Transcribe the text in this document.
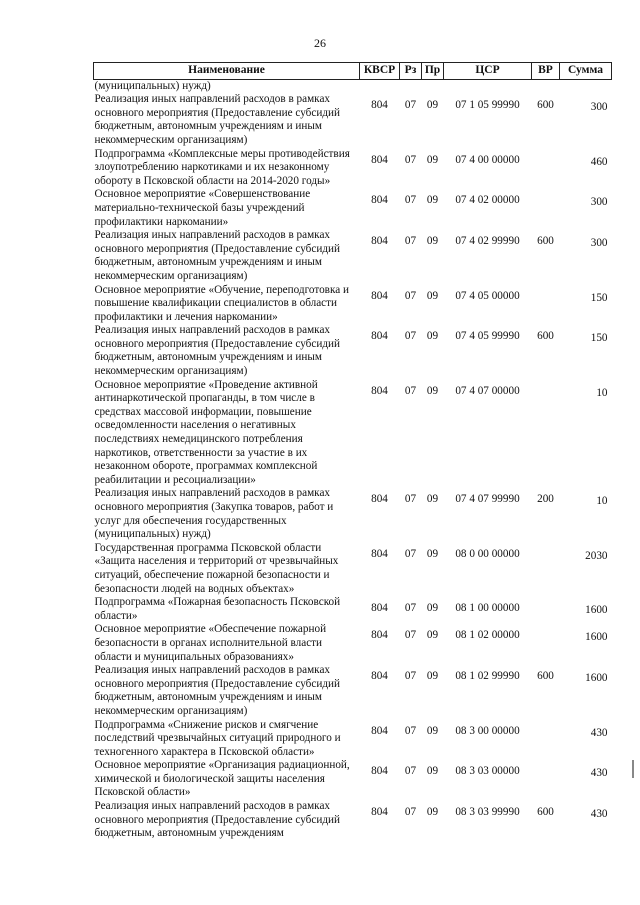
26
Наименование	КВСР	Рз	Пр	ЦСР	ВР	Сумма
(муниципальных) нужд)						
Реализация иных направлений расходов в рамках основного мероприятия (Предоставление субсидий бюджетным, автономным учреждениям и иным некоммерческим организациям)	804	07	09	07 1 05 99990	600	300
Подпрограмма «Комплексные меры противодействия злоупотреблению наркотиками и их незаконному обороту в Псковской области на 2014-2020 годы»	804	07	09	07 4 00 00000		460
Основное мероприятие «Совершенствование материально-технической базы учреждений профилактики наркомании»	804	07	09	07 4 02 00000		300
Реализация иных направлений расходов в рамках основного мероприятия (Предоставление субсидий бюджетным, автономным учреждениям и иным некоммерческим организациям)	804	07	09	07 4 02 99990	600	300
Основное мероприятие «Обучение, переподготовка и повышение квалификации специалистов в области профилактики и лечения наркомании»	804	07	09	07 4 05 00000		150
Реализация иных направлений расходов в рамках основного мероприятия (Предоставление субсидий бюджетным, автономным учреждениям и иным некоммерческим организациям)	804	07	09	07 4 05 99990	600	150
Основное мероприятие «Проведение активной антинаркотической пропаганды, в том числе в средствах массовой информации, повышение осведомленности населения о негативных последствиях немедицинского потребления наркотиков, ответственности за участие в их незаконном обороте, программах комплексной реабилитации и ресоциализации»	804	07	09	07 4 07 00000		10
Реализация иных направлений расходов в рамках основного мероприятия (Закупка товаров, работ и услуг для обеспечения государственных (муниципальных) нужд)	804	07	09	07 4 07 99990	200	10
Государственная программа Псковской области «Защита населения и территорий от чрезвычайных ситуаций, обеспечение пожарной безопасности и безопасности людей на водных объектах»	804	07	09	08 0 00 00000		2030
Подпрограмма «Пожарная безопасность Псковской области»	804	07	09	08 1 00 00000		1600
Основное мероприятие «Обеспечение пожарной безопасности в органах исполнительной власти области и муниципальных образованиях»	804	07	09	08 1 02 00000		1600
Реализация иных направлений расходов в рамках основного мероприятия (Предоставление субсидий бюджетным, автономным учреждениям и иным некоммерческим организациям)	804	07	09	08 1 02 99990	600	1600
Подпрограмма «Снижение рисков и смягчение последствий чрезвычайных ситуаций природного и техногенного характера в Псковской области»	804	07	09	08 3 00 00000		430
Основное мероприятие «Организация радиационной, химической и биологической защиты населения Псковской области»	804	07	09	08 3 03 00000		430
Реализация иных направлений расходов в рамках основного мероприятия (Предоставление субсидий бюджетным, автономным учреждениям	804	07	09	08 3 03 99990	600	430
